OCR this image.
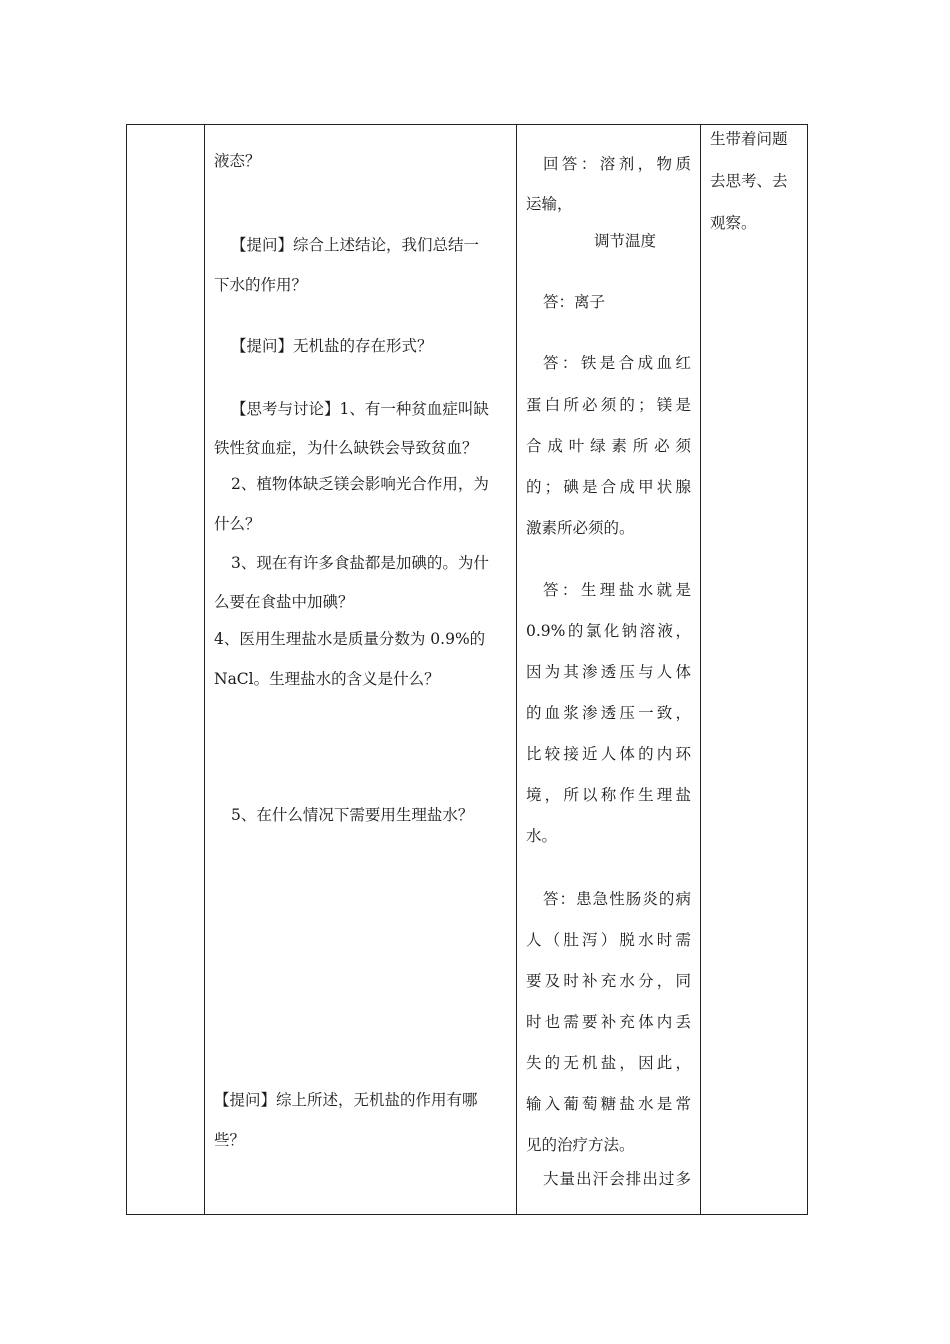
液态？
【提问】综合上述结论，我们总结一
下水的作用？
【提问】无机盐的存在形式？
【思考与讨论】1、有一种贫血症叫缺
铁性贫血症，为什么缺铁会导致贫血？
2、植物体缺乏镁会影响光合作用，为
什么？
3、现在有许多食盐都是加碘的。为什
么要在食盐中加碘？
4、医用生理盐水是质量分数为 0.9%的
NaCl。生理盐水的含义是什么？
5、在什么情况下需要用生理盐水？
【提问】综上所述，无机盐的作用有哪
些？

回答：溶剂，物质
运输，
调节温度
答：离子
答：铁是合成血红
蛋白所必须的；镁是
合成叶绿素所必须
的；碘是合成甲状腺
激素所必须的。
答：生理盐水就是
0.9%的氯化钠溶液，
因为其渗透压与人体
的血浆渗透压一致，
比较接近人体的内环
境，所以称作生理盐
水。
答：患急性肠炎的病
人（肚泻）脱水时需
要及时补充水分，同
时也需要补充体内丢
失的无机盐，因此，
输入葡萄糖盐水是常
见的治疗方法。
大量出汗会排出过多

生带着问题
去思考、去
观察。
